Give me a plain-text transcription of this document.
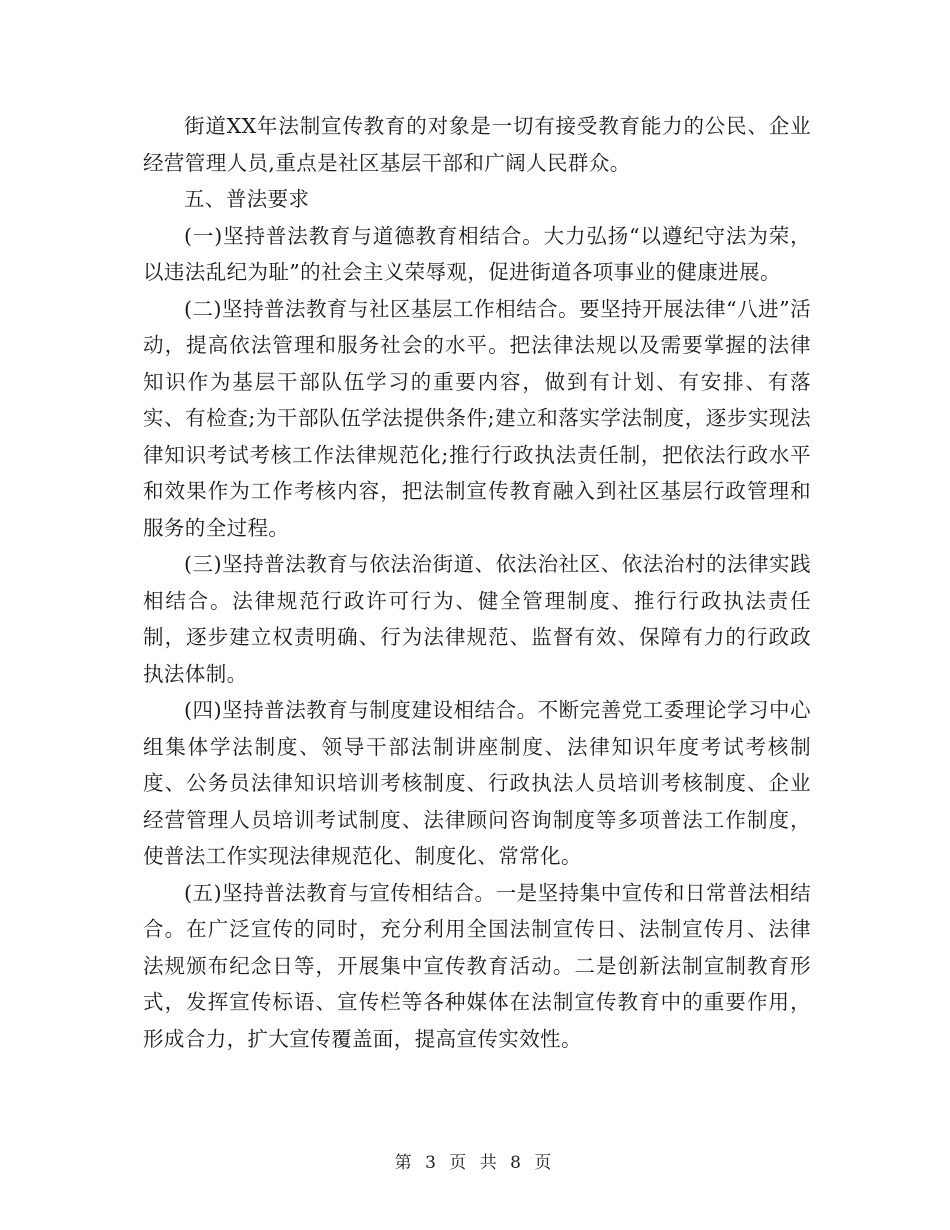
街道XX年法制宣传教育的对象是一切有接受教育能力的公民、企业经营管理人员,重点是社区基层干部和广阔人民群众。

五、普法要求

(一)坚持普法教育与道德教育相结合。大力弘扬“以遵纪守法为荣，以违法乱纪为耻”的社会主义荣辱观，促进街道各项事业的健康进展。

(二)坚持普法教育与社区基层工作相结合。要坚持开展法律“八进”活动，提高依法管理和服务社会的水平。把法律法规以及需要掌握的法律知识作为基层干部队伍学习的重要内容，做到有计划、有安排、有落实、有检查;为干部队伍学法提供条件;建立和落实学法制度，逐步实现法律知识考试考核工作法律规范化;推行行政执法责任制，把依法行政水平和效果作为工作考核内容，把法制宣传教育融入到社区基层行政管理和服务的全过程。

(三)坚持普法教育与依法治街道、依法治社区、依法治村的法律实践相结合。法律规范行政许可行为、健全管理制度、推行行政执法责任制，逐步建立权责明确、行为法律规范、监督有效、保障有力的行政政执法体制。

(四)坚持普法教育与制度建设相结合。不断完善党工委理论学习中心组集体学法制度、领导干部法制讲座制度、法律知识年度考试考核制度、公务员法律知识培训考核制度、行政执法人员培训考核制度、企业经营管理人员培训考试制度、法律顾问咨询制度等多项普法工作制度，使普法工作实现法律规范化、制度化、常常化。

(五)坚持普法教育与宣传相结合。一是坚持集中宣传和日常普法相结合。在广泛宣传的同时，充分利用全国法制宣传日、法制宣传月、法律法规颁布纪念日等，开展集中宣传教育活动。二是创新法制宣制教育形式，发挥宣传标语、宣传栏等各种媒体在法制宣传教育中的重要作用，形成合力，扩大宣传覆盖面，提高宣传实效性。

第 3 页 共 8 页
